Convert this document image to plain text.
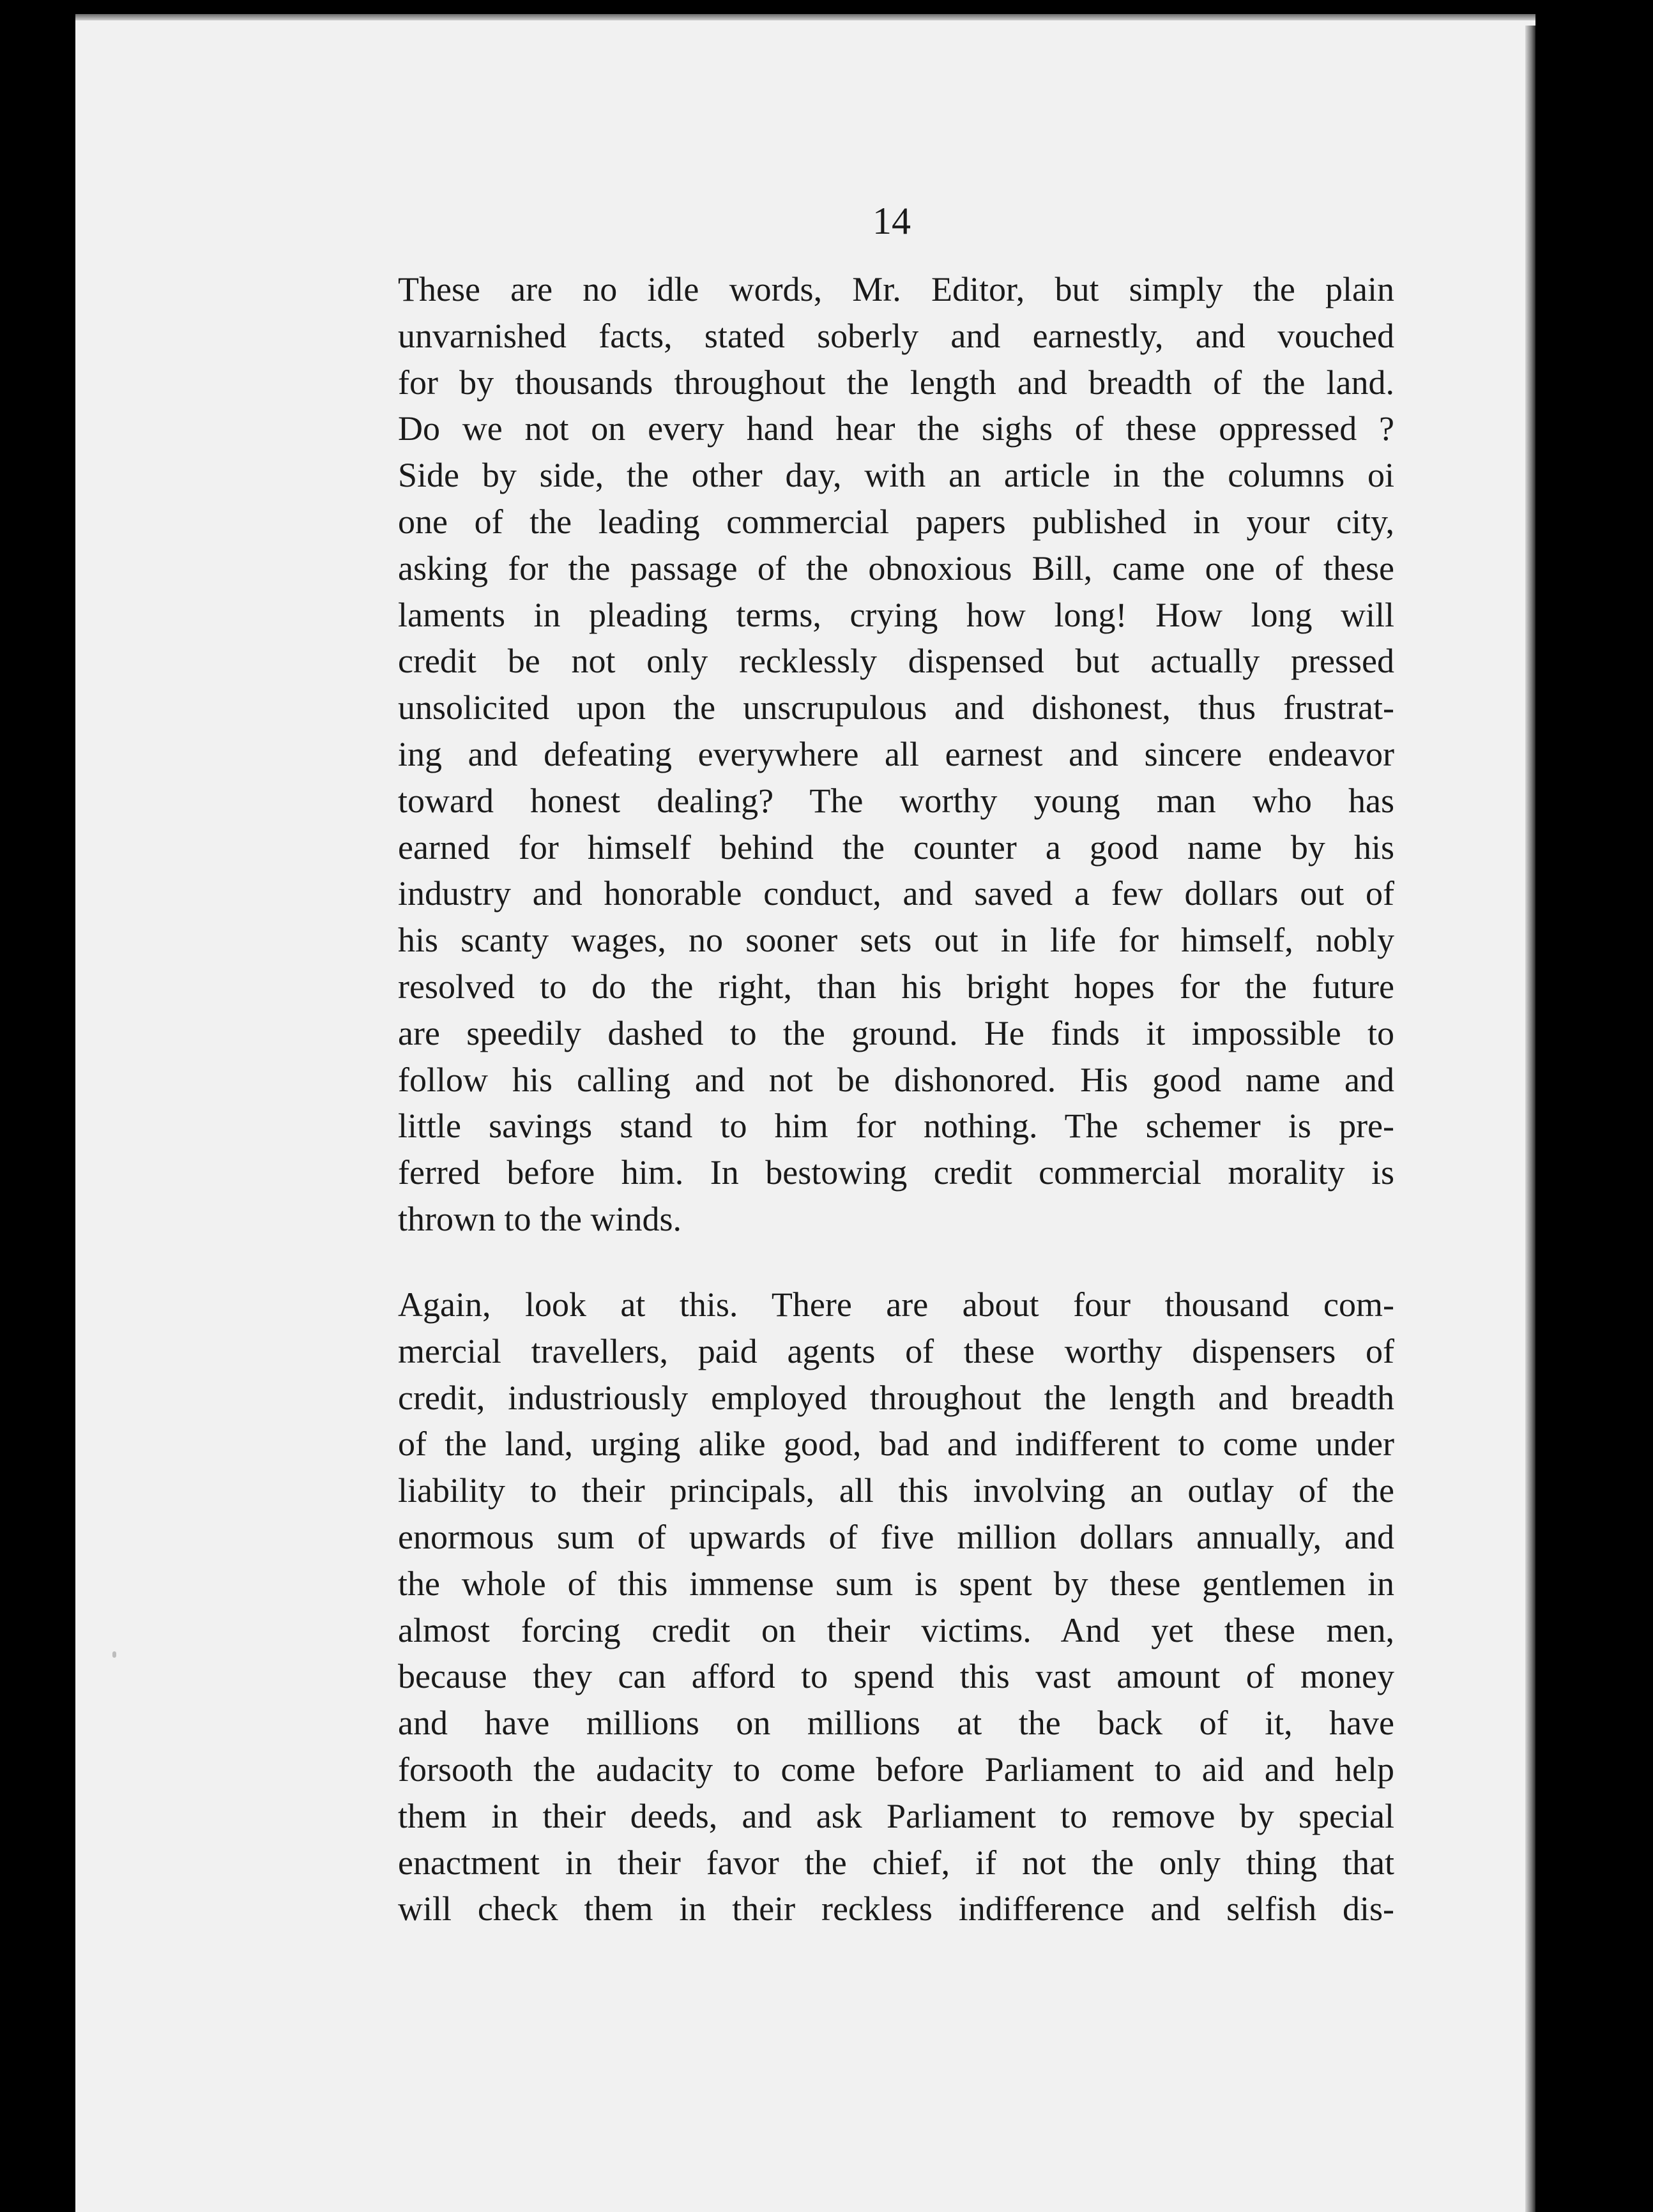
14
These are no idle words, Mr. Editor, but simply the plain
unvarnished facts, stated soberly and earnestly, and vouched
for by thousands throughout the length and breadth of the land.
Do we not on every hand hear the sighs of these oppressed ?
Side by side, the other day, with an article in the columns oi
one of the leading commercial papers published in your city,
asking for the passage of the obnoxious Bill, came one of these
laments in pleading terms, crying how long! How long will
credit be not only recklessly dispensed but actually pressed
unsolicited upon the unscrupulous and dishonest, thus frustrat-
ing and defeating everywhere all earnest and sincere endeavor
toward honest dealing? The worthy young man who has
earned for himself behind the counter a good name by his
industry and honorable conduct, and saved a few dollars out of
his scanty wages, no sooner sets out in life for himself, nobly
resolved to do the right, than his bright hopes for the future
are speedily dashed to the ground. He finds it impossible to
follow his calling and not be dishonored. His good name and
little savings stand to him for nothing. The schemer is pre-
ferred before him. In bestowing credit commercial morality is
thrown to the winds.
Again, look at this. There are about four thousand com-
mercial travellers, paid agents of these worthy dispensers of
credit, industriously employed throughout the length and breadth
of the land, urging alike good, bad and indifferent to come under
liability to their principals, all this involving an outlay of the
enormous sum of upwards of five million dollars annually, and
the whole of this immense sum is spent by these gentlemen in
almost forcing credit on their victims. And yet these men,
because they can afford to spend this vast amount of money
and have millions on millions at the back of it, have
forsooth the audacity to come before Parliament to aid and help
them in their deeds, and ask Parliament to remove by special
enactment in their favor the chief, if not the only thing that
will check them in their reckless indifference and selfish dis-
